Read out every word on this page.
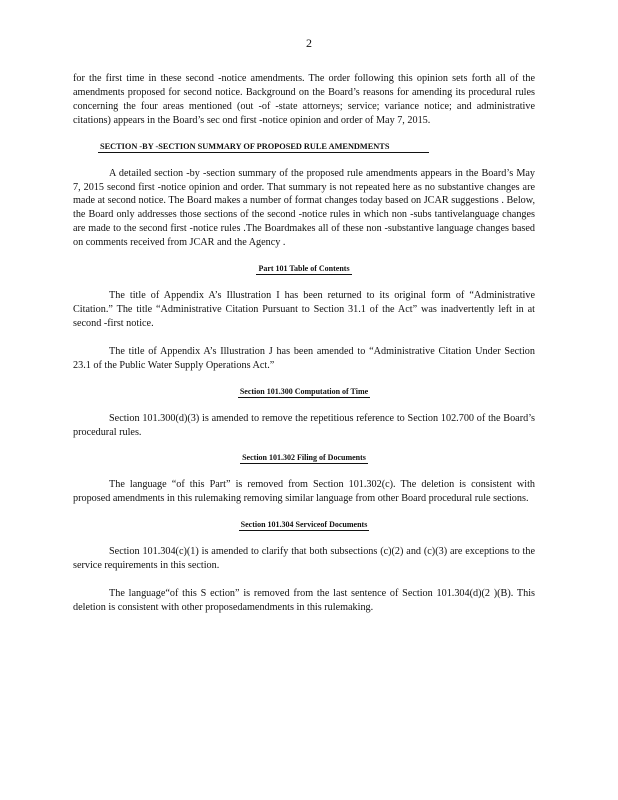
2

for the first time in these second -notice amendments. The order following this opinion sets forth all of the amendments proposed for second notice. Background on the Board’s reasons for amending its procedural rules concerning the four areas mentioned (out -of -state attorneys; service; variance notice; and administrative citations) appears in the Board’s sec ond first -notice opinion and order of May 7, 2015.

SECTION -BY -SECTION SUMMARY OF PROPOSED RULE AMENDMENTS

A detailed section -by -section summary of the proposed rule amendments appears in the Board’s May 7, 2015 second first -notice opinion and order. That summary is not repeated here as no substantive changes are made at second notice. The Board makes a number of format changes today based on JCAR suggestions . Below, the Board only addresses those sections of the second -notice rules in which non -subs tantivelanguage changes are made to the second first -notice rules .The Boardmakes all of these non -substantive language changes based on comments received from JCAR and the Agency .

Part 101 Table of Contents

The title of Appendix A’s Illustration I has been returned to its original form of “Administrative Citation.” The title “Administrative Citation Pursuant to Section 31.1 of the Act” was inadvertently left in at second -first notice.

The title of Appendix A’s Illustration J has been amended to “Administrative Citation Under Section 23.1 of the Public Water Supply Operations Act.”

Section 101.300 Computation of Time

Section 101.300(d)(3) is amended to remove the repetitious reference to Section 102.700 of the Board’s procedural rules.

Section 101.302 Filing of Documents

The language “of this Part” is removed from Section 101.302(c). The deletion is consistent with proposed amendments in this rulemaking removing similar language from other Board procedural rule sections.

Section 101.304 Serviceof Documents

Section 101.304(c)(1) is amended to clarify that both subsections (c)(2) and (c)(3) are exceptions to the service requirements in this section.

The language“of this S ection” is removed from the last sentence of Section 101.304(d)(2 )(B). This deletion is consistent with other proposedamendments in this rulemaking.
